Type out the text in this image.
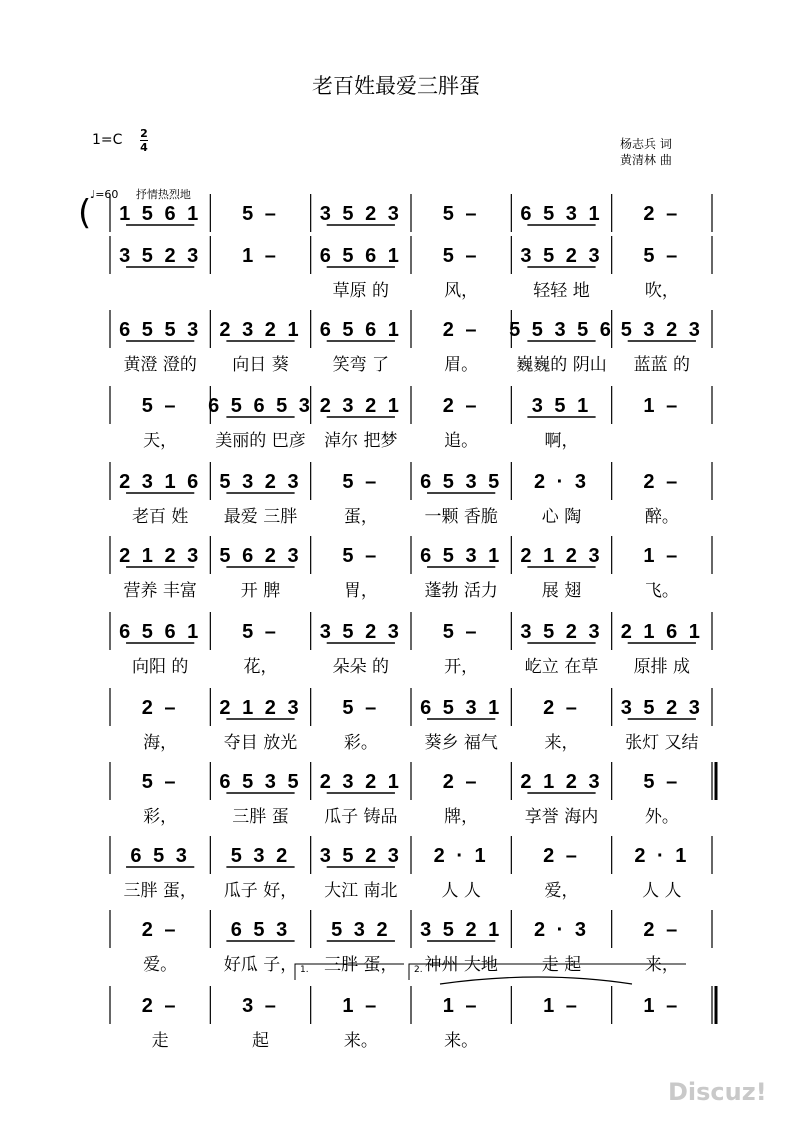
老百姓最爱三胖蛋
1=C 2
4	杨志兵 词
黄清林 曲
♩=60 抒情热烈地
( 1 5 6 1 5 – 3 5 2 3 5 – 6 5 3 1 2 –
3 5 2 3 1 – 6 5 6 1
草原 的
5 –
风，
3 5 2 3
轻轻 地
5 –
吹，
6 5 5 3
黄澄 澄的
2 3 2 1
向日 葵
6 5 6 1
笑弯 了
2 –
眉。
5 5 3 5 6
巍巍的 阴山
5 3 2 3
蓝蓝 的
5 –
天，
6 5 6 5 3
美丽的 巴彦
2 3 2 1
淖尔 把梦
2 –
追。
3 5 1
啊，
1 –
2 3 1 6
老百 姓
5 3 2 3
最爱 三胖
5 –
蛋，
6 5 3 5
一颗 香脆
2 · 3
心 陶
2 –
醉。
2 1 2 3
营养 丰富
5 6 2 3
开 脾
5 –
胃，
6 5 3 1
蓬勃 活力
2 1 2 3
展 翅
1 –
飞。
6 5 6 1
向阳 的
5 –
花，
3 5 2 3
朵朵 的
5 –
开，
3 5 2 3
屹立 在草
2 1 6 1
原排 成
2 –
海，
2 1 2 3
夺目 放光
5 –
彩。
6 5 3 1
葵乡 福气
2 –
来，
3 5 2 3
张灯 又结
5 –
彩，
6 5 3 5
三胖 蛋
2 3 2 1
瓜子 铸品
2 –
牌，
2 1 2 3
享誉 海内
5 –
外。
6 5 3
三胖 蛋，
5 3 2
瓜子 好，
3 5 2 3
大江 南北
2 · 1
人 人
2 –
爱，
2 · 1
人 人
2 –
爱。
6 5 3
好瓜 子，
5 3 2
三胖 蛋，
3 5 2 1
神州 大地
2 · 3
走 起
2 –
来，
2 –
走
3 –
起
1 –
来。
1 –
来。
1 –	1 –
1.	2.
Discuz!
